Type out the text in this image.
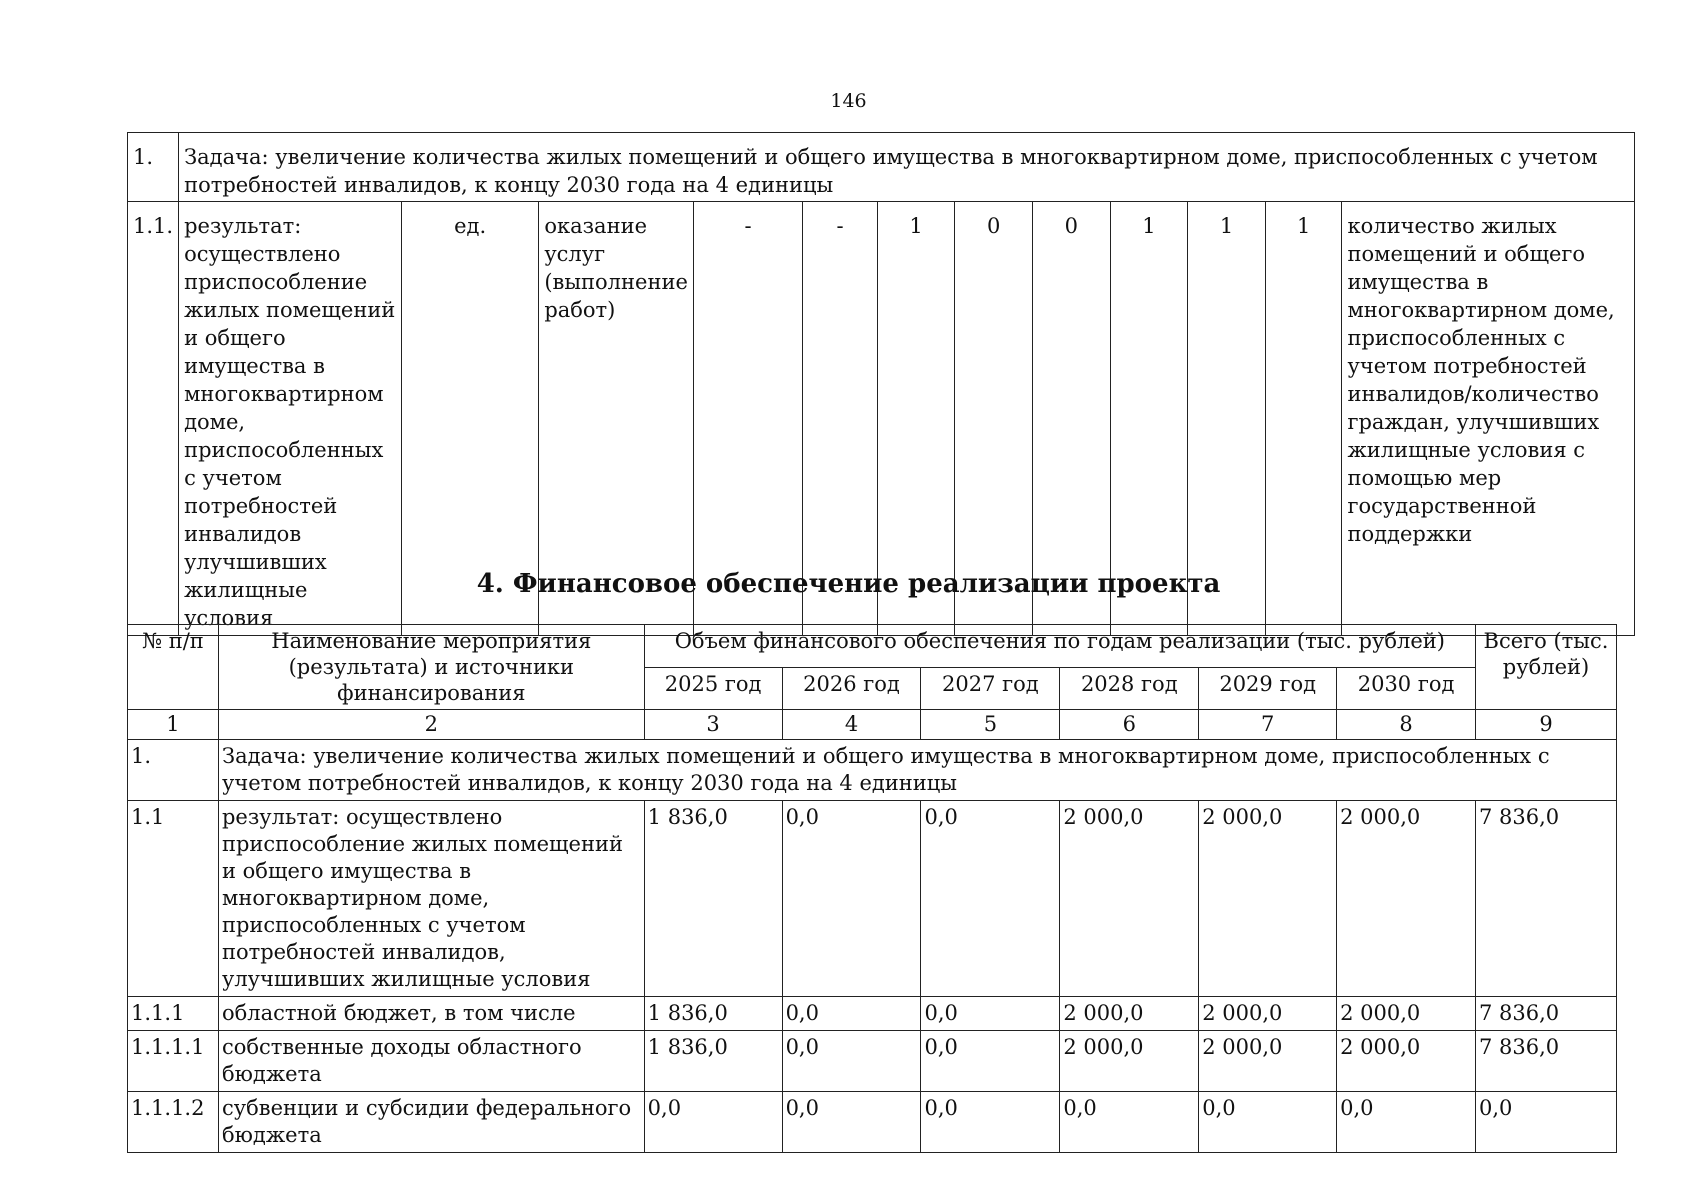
146
1.	Задача: увеличение количества жилых помещений и общего имущества в многоквартирном доме, приспособленных с учетом потребностей инвалидов, к концу 2030 года на 4 единицы											
1.1.	результат: осуществлено приспособление жилых помещений и общего имущества в многоквартирном доме, приспособленных с учетом потребностей инвалидов улучшивших жилищные условия	ед.	оказание услуг (выполнение работ)	-	-	1	0	0	1	1	1	количество жилых помещений и общего имущества в многоквартирном доме, приспособленных с учетом потребностей инвалидов/количество граждан, улучшивших жилищные условия с помощью мер государственной поддержки
4. Финансовое обеспечение реализации проекта
№ п/п	Наименование мероприятия (результата) и источники финансирования	Объем финансового обеспечения по годам реализации (тыс. рублей)						Всего (тыс. рублей)
		2025 год	2026 год	2027 год	2028 год	2029 год	2030 год	
1	2	3	4	5	6	7	8	9
1.	Задача: увеличение количества жилых помещений и общего имущества в многоквартирном доме, приспособленных с учетом потребностей инвалидов, к концу 2030 года на 4 единицы							
1.1	результат: осуществлено приспособление жилых помещений и общего имущества в многоквартирном доме, приспособленных с учетом потребностей инвалидов, улучшивших жилищные условия	1 836,0	0,0	0,0	2 000,0	2 000,0	2 000,0	7 836,0
1.1.1	областной бюджет, в том числе	1 836,0	0,0	0,0	2 000,0	2 000,0	2 000,0	7 836,0
1.1.1.1	собственные доходы областного бюджета	1 836,0	0,0	0,0	2 000,0	2 000,0	2 000,0	7 836,0
1.1.1.2	субвенции и субсидии федерального бюджета	0,0	0,0	0,0	0,0	0,0	0,0	0,0
